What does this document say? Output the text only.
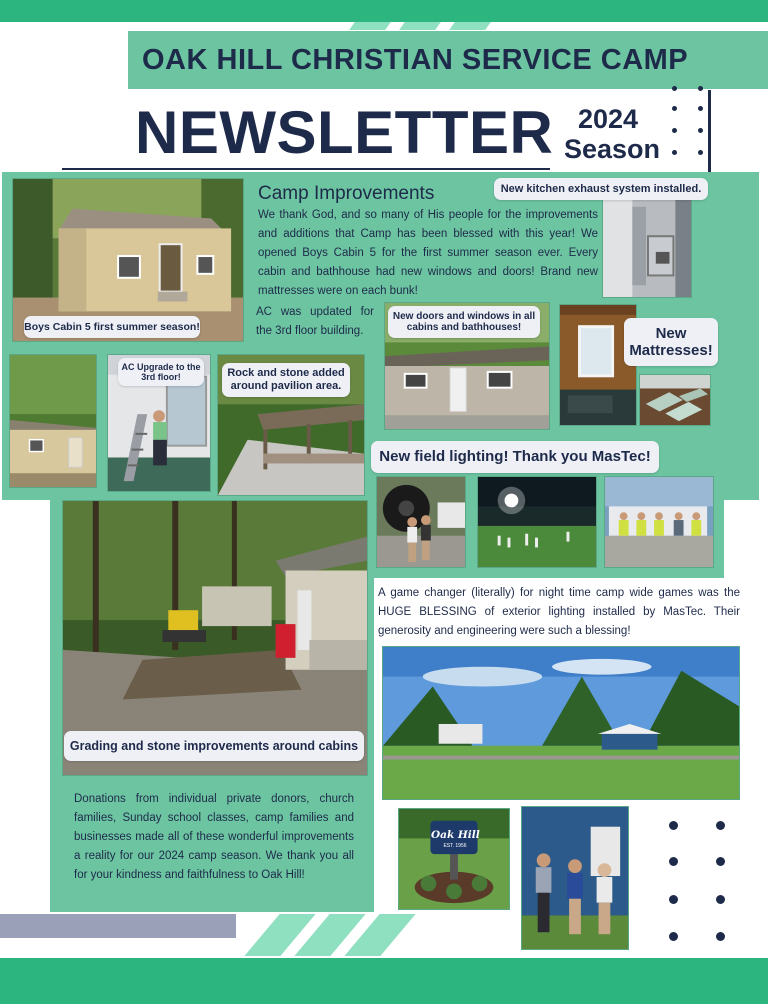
OAK HILL CHRISTIAN SERVICE CAMP
NEWSLETTER 2024
Season
Camp Improvements
We thank God, and so many of His people for the improvements and additions that Camp has been blessed with this year! We opened Boys Cabin 5 for the first summer season ever. Every cabin and bathhouse had new windows and doors! Brand new mattresses were on each bunk!
AC was updated for the 3rd floor building.
Boys Cabin 5 first summer season!
New kitchen exhaust system installed.
AC Upgrade to the 3rd floor!	Rock and stone added around pavilion area.
New doors and windows in all cabins and bathhouses!	New Mattresses!
New field lighting! Thank you MasTec!
Grading and stone improvements around cabins
Donations from individual private donors, church families, Sunday school classes, camp families and businesses made all of these wonderful improvements a reality for our 2024 camp season. We thank you all for your kindness and faithfulness to Oak Hill!
A game changer (literally) for night time camp wide games was the HUGE BLESSING of exterior lighting installed by MasTec. Their generosity and engineering were such a blessing!
Oak Hill
EST. 1956
